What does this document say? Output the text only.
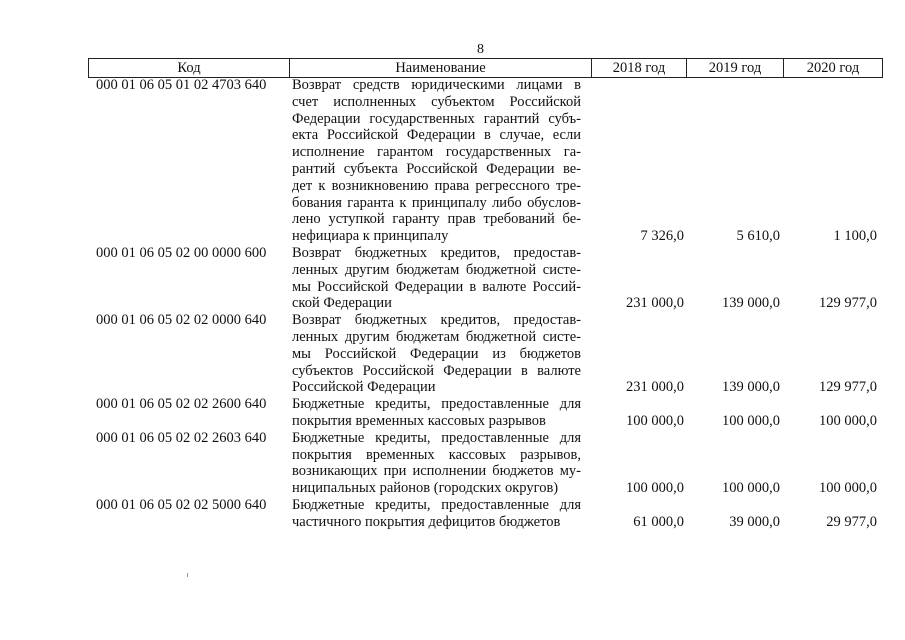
8
Код	Наименование	2018 год	2019 год	2020 год
000 01 06 05 01 02 4703 640	Возврат средств юридическими лицами в
счет исполненных субъектом Российской
Федерации государственных гарантий субъ-
екта Российской Федерации в случае, если
исполнение гарантом государственных га-
рантий субъекта Российской Федерации ве-
дет к возникновению права регрессного тре-
бования гаранта к принципалу либо обуслов-
лено уступкой гаранту прав требований бе-
нефициара к принципалу	7 326,0	5 610,0	1 100,0
000 01 06 05 02 00 0000 600	Возврат бюджетных кредитов, предостав-
ленных другим бюджетам бюджетной систе-
мы Российской Федерации в валюте Россий-
ской Федерации	231 000,0	139 000,0	129 977,0
000 01 06 05 02 02 0000 640	Возврат бюджетных кредитов, предостав-
ленных другим бюджетам бюджетной систе-
мы Российской Федерации из бюджетов
субъектов Российской Федерации в валюте
Российской Федерации	231 000,0	139 000,0	129 977,0
000 01 06 05 02 02 2600 640	Бюджетные кредиты, предоставленные для
покрытия временных кассовых разрывов	100 000,0	100 000,0	100 000,0
000 01 06 05 02 02 2603 640	Бюджетные кредиты, предоставленные для
покрытия временных кассовых разрывов,
возникающих при исполнении бюджетов му-
ниципальных районов (городских округов)	100 000,0	100 000,0	100 000,0
000 01 06 05 02 02 5000 640	Бюджетные кредиты, предоставленные для
частичного покрытия дефицитов бюджетов	61 000,0	39 000,0	29 977,0
